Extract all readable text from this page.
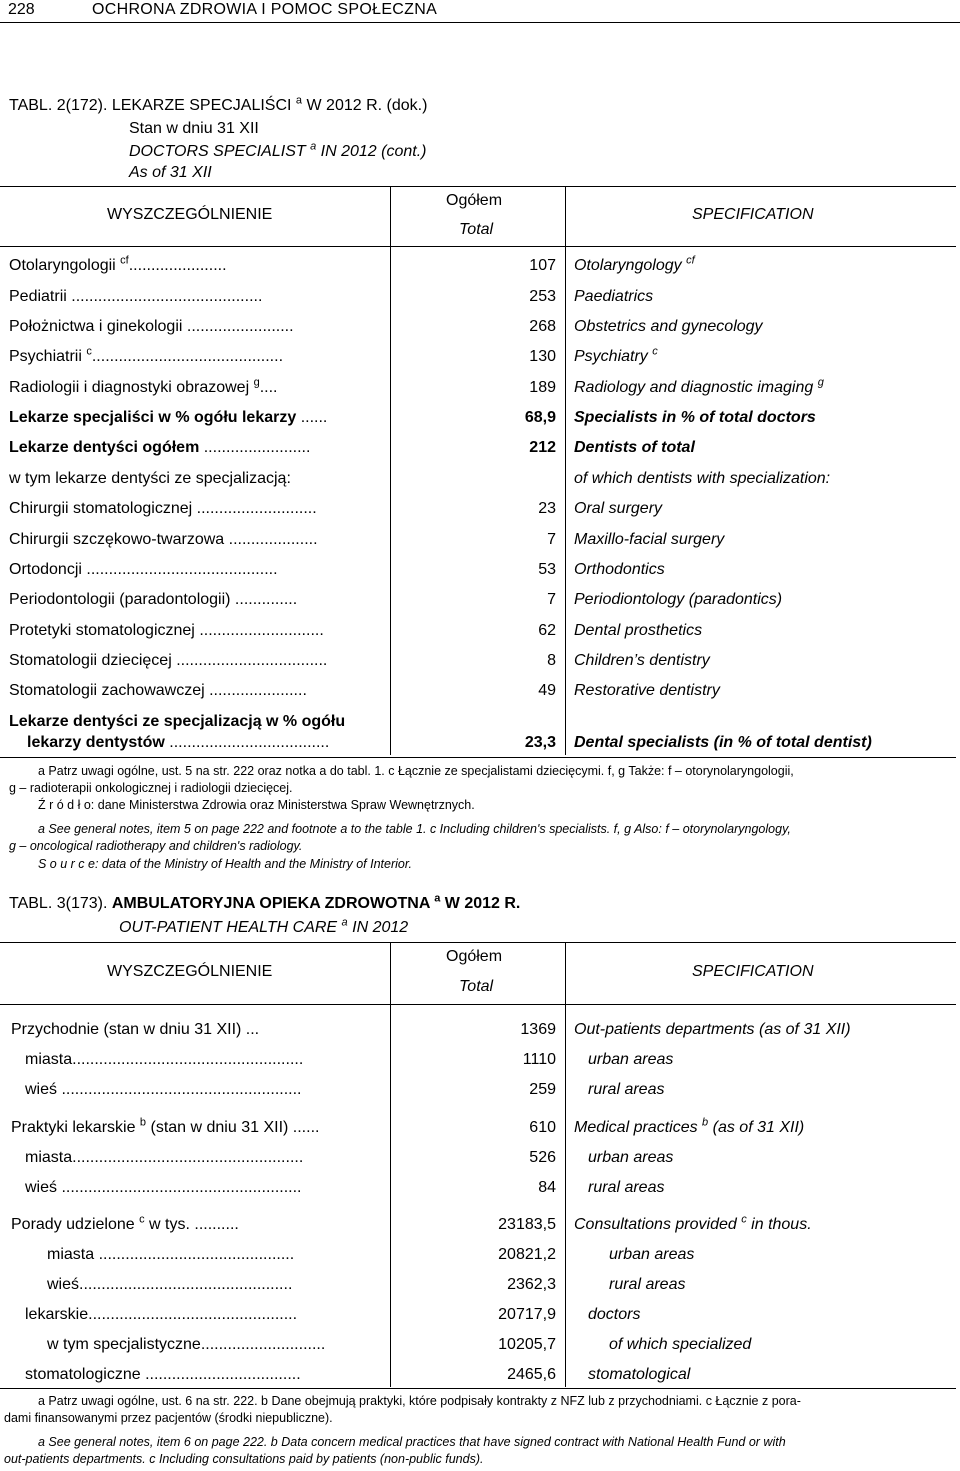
228	OCHRONA ZDROWIA I POMOC SPOŁECZNA
TABL. 2(172). LEKARZE SPECJALIŚCI $^a$ W 2012 R. (dok.)
Stan w dniu 31 XII
DOCTORS SPECIALIST $^a$ IN 2012 (cont.)
As of 31 XII
WYSZCZEGÓLNIENIE
Ogółem
Total
SPECIFICATION
Otolaryngologii $^{cf}$......................	107 Otolaryngology $^{cf}$
Pediatrii ...........................................	253 Paediatrics
Położnictwa i ginekologii ........................	268 Obstetrics and gynecology
Psychiatrii $^c$...........................................	130 Psychiatry $^c$
Radiologii i diagnostyki obrazowej $^g$....	189 Radiology and diagnostic imaging $^g$
Lekarze specjaliści w % ogółu lekarzy ......	68,9 Specialists in % of total doctors
Lekarze dentyści ogółem ........................	212 Dentists of total
w tym lekarze dentyści ze specjalizacją:	of which dentists with specialization:
Chirurgii stomatologicznej ...........................	23 Oral surgery
Chirurgii szczękowo-twarzowa ....................	7 Maxillo-facial surgery
Ortodoncji ...........................................	53 Orthodontics
Periodontologii (paradontologii) ..............	7 Periodiontology (paradontics)
Protetyki stomatologicznej ............................	62 Dental prosthetics
Stomatologii dziecięcej ..................................	8 Children’s dentistry
Stomatologii zachowawczej ......................	49 Restorative dentistry
Lekarze dentyści ze specjalizacją w % ogółu
lekarzy dentystów ....................................	23,3 Dental specialists (in % of total dentist)
a Patrz uwagi ogólne, ust. 5 na str. 222 oraz notka a do tabl. 1. c Łącznie ze specjalistami dziecięcymi. f, g Także: f – otorynolaryngologii,
g – radioterapii onkologicznej i radiologii dziecięcej.
Ź r ó d ł o: dane Ministerstwa Zdrowia oraz Ministerstwa Spraw Wewnętrznych.
a See general notes, item 5 on page 222 and footnote a to the table 1. c Including children's specialists. f, g Also: f – otorynolaryngology,
g – oncological radiotherapy and children's radiology.
S o u r c e: data of the Ministry of Health and the Ministry of Interior.
TABL. 3(173). AMBULATORYJNA OPIEKA ZDROWOTNA $^a$ W 2012 R.
OUT-PATIENT HEALTH CARE $^a$ IN 2012
WYSZCZEGÓLNIENIE
Ogółem
Total
SPECIFICATION
Przychodnie (stan w dniu 31 XII) ...	1369 Out-patients departments (as of 31 XII)
miasta....................................................	1110 urban areas
wieś ......................................................	259 rural areas
Praktyki lekarskie $^b$ (stan w dniu 31 XII) ......	610 Medical practices $^b$ (as of 31 XII)
miasta....................................................	526 urban areas
wieś ......................................................	84 rural areas
Porady udzielone $^c$ w tys. ..........	23183,5 Consultations provided $^c$ in thous.
miasta ............................................	20821,2	urban areas
wieś................................................	2362,3	rural areas
lekarskie...............................................	20717,9 doctors
w tym specjalistyczne............................	10205,7	of which specialized
stomatologiczne ...................................	2465,6 stomatological
a Patrz uwagi ogólne, ust. 6 na str. 222. b Dane obejmują praktyki, które podpisały kontrakty z NFZ lub z przychodniami. c Łącznie z pora-
dami finansowanymi przez pacjentów (środki niepubliczne).
a See general notes, item 6 on page 222. b Data concern medical practices that have signed contract with National Health Fund or with
out-patients departments. c Including consultations paid by patients (non-public funds).
